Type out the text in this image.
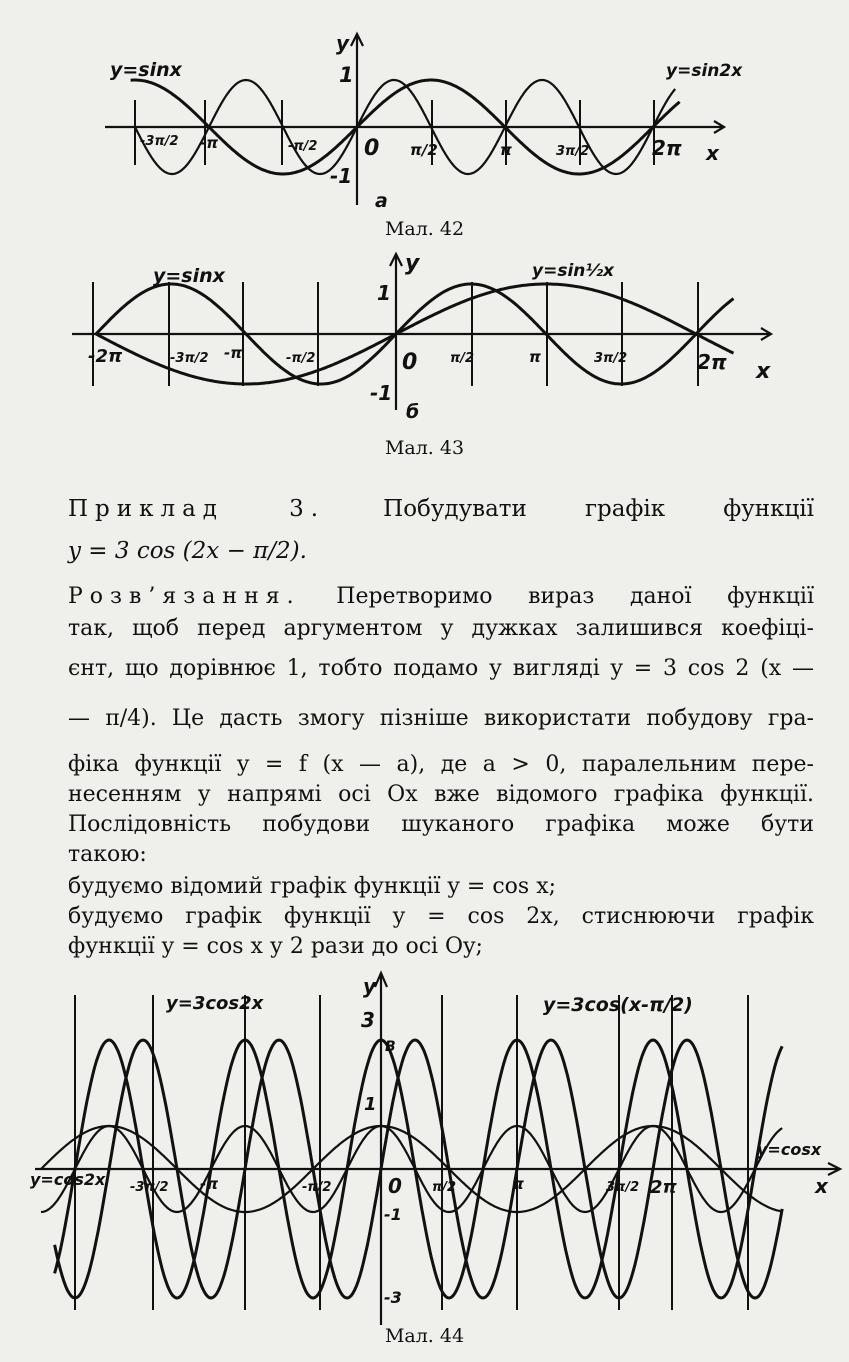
y=sinx	y=sin2x
y
x
0
1
-1
-3π/2 -π	-π/2	π/2	π	3π/2	2π
а
Мал. 42
y=sinx	y=sin½x
y
x
0
1
-1
-2π	-3π/2 -π	-π/2	π/2	π	3π/2	2π
б
Мал. 43
Приклад 3.	Побудувати графік функції
y = 3 cos (2x − π/2).
Розв’язання. Перетворимо вираз даної функції
так, щоб перед аргументом у дужках залишився коефіці-
єнт, що дорівнює 1, тобто подамо у вигляді y = 3 cos 2 (x —
— π/4). Це дасть змогу пізніше використати побудову гра-
фіка функції y = f (x — a), де a > 0, паралельним пере-
несенням у напрямі осі Ox вже відомого графіка функції.
Послідовність побудови шуканого графіка може бути
такою:
будуємо відомий графік функції y = cos x;
будуємо графік функції y = cos 2x, стиснюючи графік
функції y = cos x у 2 рази до осі Oy;
y=3cos2x	y=3cos(x-π/2)
y=cosx
y=cos2x
y
x
0
B
3
1
-1
-3
-3π/2 -π	-π/2	π/2	π	3π/2 2π
Мал. 44
